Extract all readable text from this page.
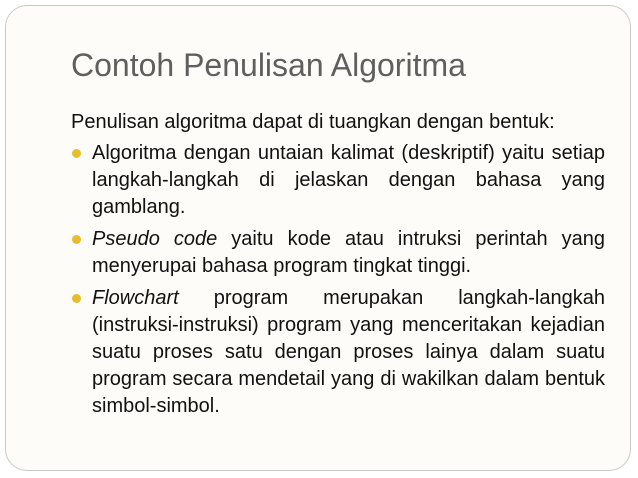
Contoh Penulisan Algoritma

Penulisan algoritma dapat di tuangkan dengan bentuk:

Algoritma dengan untaian kalimat (deskriptif) yaitu setiap langkah-langkah di jelaskan dengan bahasa yang gamblang.
Pseudo code yaitu kode atau intruksi perintah yang menyerupai bahasa program tingkat tinggi.
Flowchart program merupakan langkah-langkah (instruksi-instruksi) program yang menceritakan kejadian suatu proses satu dengan proses lainya dalam suatu program secara mendetail yang di wakilkan dalam bentuk simbol-simbol.
